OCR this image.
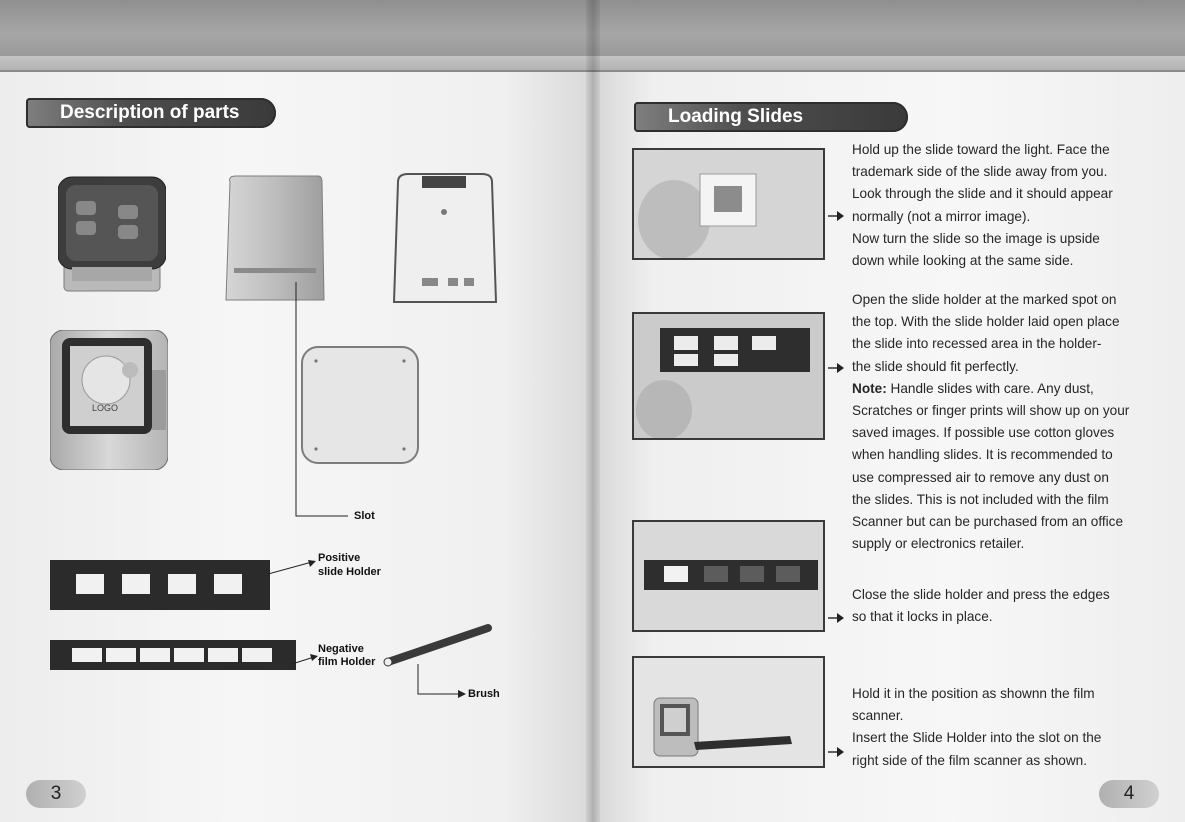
Description of parts
LOGO
Slot
Positive
slide Holder
Negative
film Holder
Brush
3
Loading Slides

Hold up the slide toward the light. Face the

trademark side of the slide away from you.

Look through the slide and it should appear

normally (not a mirror image).

Now turn the slide so the image is upside

down while looking at the same side.

Open the slide holder at the marked spot on

the top. With the slide holder laid open place

the slide into recessed area in the holder-

the slide should fit perfectly.

Note: Handle slides with care. Any dust,

Scratches or finger prints will show up on your

saved images. If possible use cotton gloves

when handling slides. It is recommended to

use compressed air to remove any dust on

the slides. This is not included with the film

Scanner but can be purchased from an office

supply or electronics retailer.

Close the slide holder and press the edges

so that it locks in place.

Hold it in the position as shownn the film

scanner.

Insert the Slide Holder into the slot on the

right side of the film scanner as shown.

4
